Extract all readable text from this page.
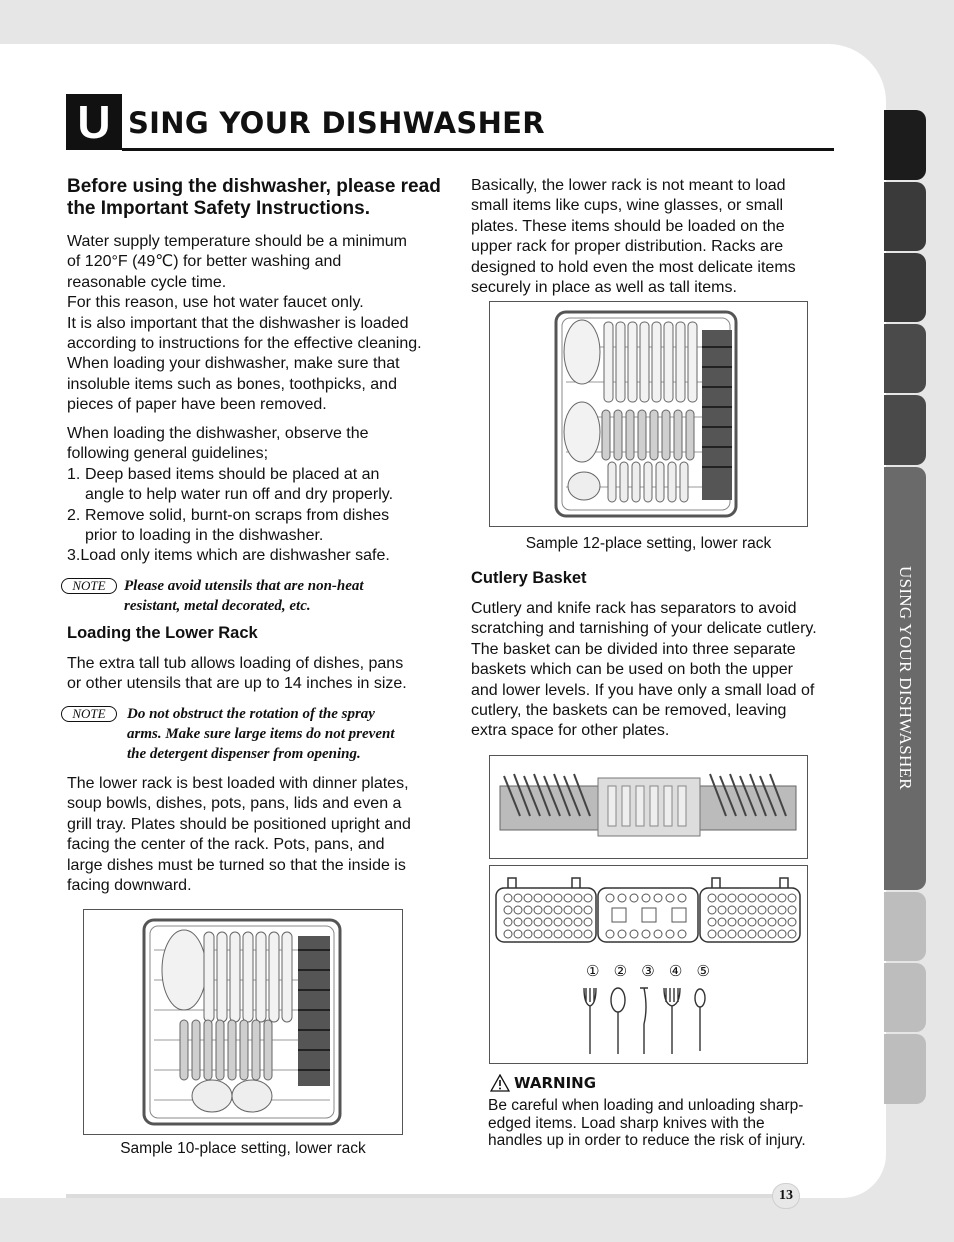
USING YOUR DISHWASHER
U SING YOUR DISHWASHER
Before using the dishwasher, please read the Important Safety Instructions.
Water supply temperature should be a minimum
of 120°F (49℃) for better washing and
reasonable cycle time.
For this reason, use hot water faucet only.
It is also important that the dishwasher is loaded
according to instructions for the effective cleaning.
When loading your dishwasher, make sure that
insoluble items such as bones, toothpicks, and
pieces of paper have been removed.
When loading the dishwasher, observe the
following general guidelines;
1. Deep based items should be placed at an
angle to help water run off and dry properly.
2. Remove solid, burnt-on scraps from dishes
prior to loading in the dishwasher.
3.Load only items which are dishwasher safe.
NOTE	Please avoid utensils that are non-heat
resistant, metal decorated, etc.
Loading the Lower Rack
The extra tall tub allows loading of dishes, pans
or other utensils that are up to 14 inches in size.
NOTE	Do not obstruct the rotation of the spray
arms. Make sure large items do not prevent
the detergent dispenser from opening.
The lower rack is best loaded with dinner plates,
soup bowls, dishes, pots, pans, lids and even a
grill tray. Plates should be positioned upright and
facing the center of the rack. Pots, pans, and
large dishes must be turned so that the inside is
facing downward.
Sample 10-place setting, lower rack
Basically, the lower rack is not meant to load
small items like cups, wine glasses, or small
plates. These items should be loaded on the
upper rack for proper distribution. Racks are
designed to hold even the most delicate items
securely in place as well as tall items.
Sample 12-place setting, lower rack
Cutlery Basket
Cutlery and knife rack has separators to avoid
scratching and tarnishing of your delicate cutlery.
The basket can be divided into three separate
baskets which can be used on both the upper
and lower levels. If you have only a small load of
cutlery, the baskets can be removed, leaving
extra space for other plates.
① ② ③ ④ ⑤
WARNING
Be careful when loading and unloading sharp-edged items. Load sharp knives with the handles up in order to reduce the risk of injury.
13
